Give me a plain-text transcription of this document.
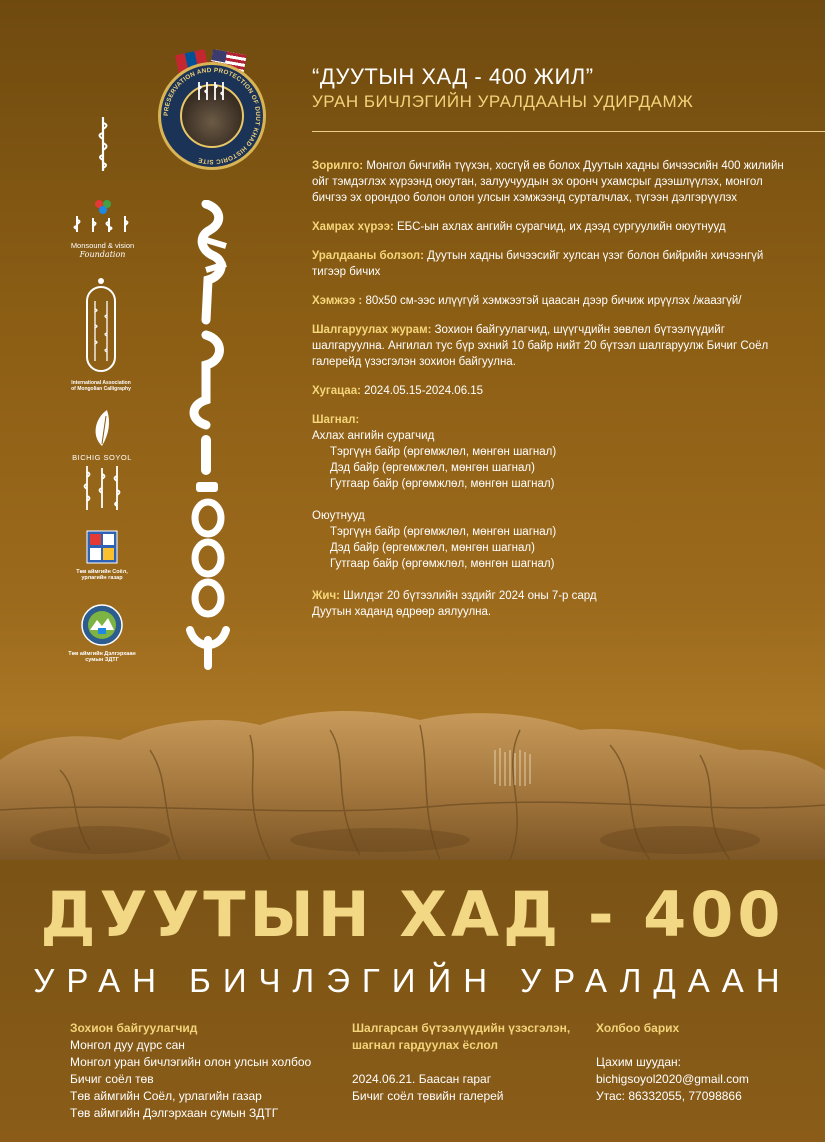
Monsound & vision
Foundation
International Association of Mongolian Calligraphy
BICHIG SOYOL
Төв аймгийн Соёл, урлагийн газар
Төв аймгийн Дэлгэрхаан сумын ЗДТГ
PRESERVATION AND PROTECTION OF DUUT KHAD HISTORIC SITE
“ДУУТЫН ХАД - 400 ЖИЛ”
УРАН БИЧЛЭГИЙН УРАЛДААНЫ УДИРДАМЖ
Зорилго: Монгол бичгийн түүхэн, хосгүй өв болох Дуутын хадны бичээсийн 400 жилийн ойг тэмдэглэх хүрээнд оюутан, залуучуудын эх оронч ухамсрыг дээшлүүлэх, монгол бичгээ эх орондоо болон олон улсын хэмжээнд сурталчлах, түгээн дэлгэрүүлэх
Хамрах хүрээ: ЕБС-ын ахлах ангийн сурагчид, их дээд сургуулийн оюутнууд
Уралдааны болзол: Дуутын хадны бичээсийг хулсан үзэг болон бийрийн хичээнгүй тигээр бичих
Хэмжээ : 80x50 см-ээс илүүгүй хэмжээтэй цаасан дээр бичиж ирүүлэх /жаазгүй/
Шалгаруулах журам: Зохион байгуулагчид, шүүгчдийн зөвлөл бүтээлүүдийг шалгаруулна. Ангилал тус бүр эхний 10 байр нийт 20 бүтээл шалгаруулж Бичиг Соёл галерейд үзэсгэлэн зохион байгуулна.
Хугацаа: 2024.05.15-2024.06.15
Шагнал:
Ахлах ангийн сурагчид
Тэргүүн байр (өргөмжлөл, мөнгөн шагнал)
Дэд байр (өргөмжлөл, мөнгөн шагнал)
Гутгаар байр (өргөмжлөл, мөнгөн шагнал)
Оюутнууд
Тэргүүн байр (өргөмжлөл, мөнгөн шагнал)
Дэд байр (өргөмжлөл, мөнгөн шагнал)
Гутгаар байр (өргөмжлөл, мөнгөн шагнал)
Жич: Шилдэг 20 бүтээлийн эздийг 2024 оны 7-р сард
Дуутын хаданд өдрөөр аялуулна.
ДУУТЫН ХАД - 400
УРАН БИЧЛЭГИЙН УРАЛДААН
Зохион байгуулагчид
Монгол дуу дүрс сан
Монгол уран бичлэгийн олон улсын холбоо
Бичиг соёл төв
Төв аймгийн Соёл, урлагийн газар
Төв аймгийн Дэлгэрхаан сумын ЗДТГ
Шалгарсан бүтээлүүдийн үзэсгэлэн,
шагнал гардуулах ёслол
2024.06.21. Баасан гараг
Бичиг соёл төвийн галерей
Холбоо барих
Цахим шуудан:
bichigsoyol2020@gmail.com
Утас: 86332055, 77098866
